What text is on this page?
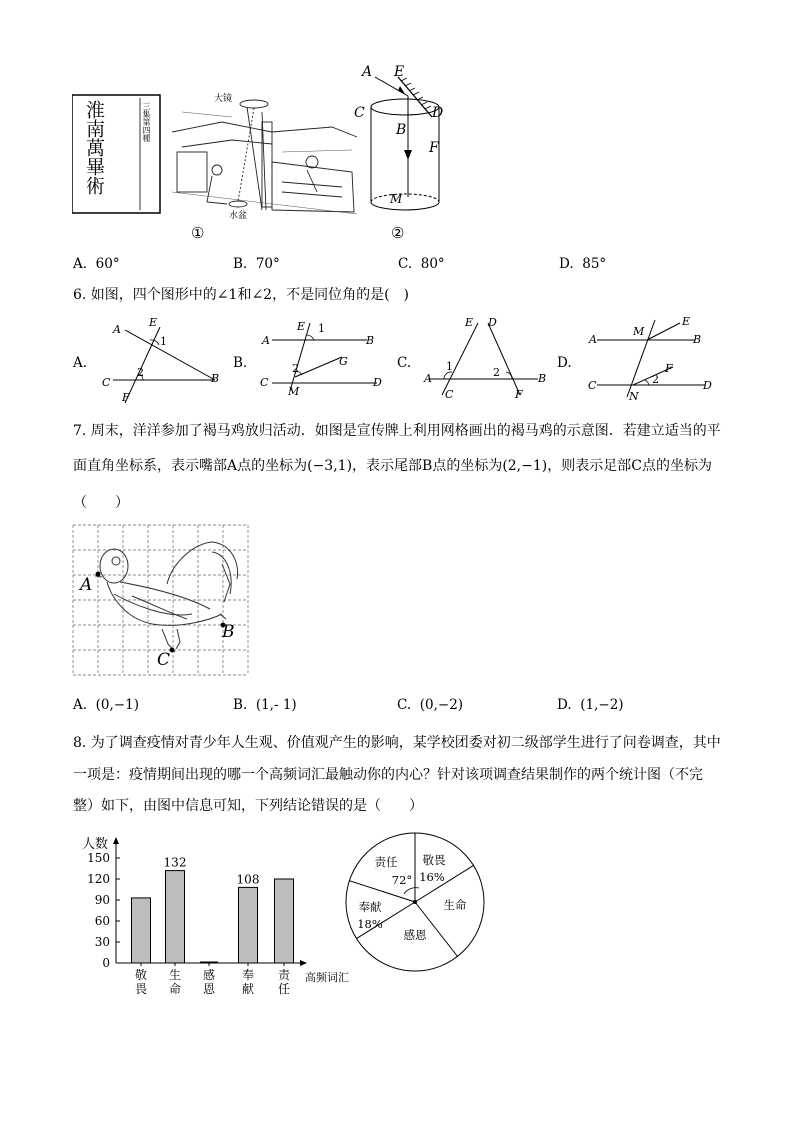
淮南萬畢術	三集第四種
大镜
水盆
①
A E
C	D
B
F
M
②
A. 60°	B. 70°	C. 80°	D. 85°
6. 如图，四个图形中的∠1和∠2，不是同位角的是(　)
A.	B.	C.	D.
A
E
1
2
C
F
B
A
E 1
B
2
G
C
M
D
E D
1	2
A
C	F
B
M
E
A	B
F
2
C
N
D
7. 周末，洋洋参加了褐马鸡放归活动．如图是宣传牌上利用网格画出的褐马鸡的示意图．若建立适当的平
面直角坐标系，表示嘴部A点的坐标为(−3,1)，表示尾部B点的坐标为(2,−1)，则表示足部C点的坐标为
（　　）
A
B
C
A. (0,−1)	B. (1,- 1)	C. (0,−2)	D. (1,−2)
8. 为了调查疫情对青少年人生观、价值观产生的影响，某学校团委对初二级部学生进行了问卷调查，其中
一项是：疫情期间出现的哪一个高频词汇最触动你的内心？针对该项调查结果制作的两个统计图（不完
整）如下，由图中信息可知，下列结论错误的是（　　）
人数
高频词汇
132
108
0
30
60
90
120
150
敬
畏
生
命
感
恩
奉
献
责
任
责任
72°
敬畏
16%
生命
感恩
奉献
18%
